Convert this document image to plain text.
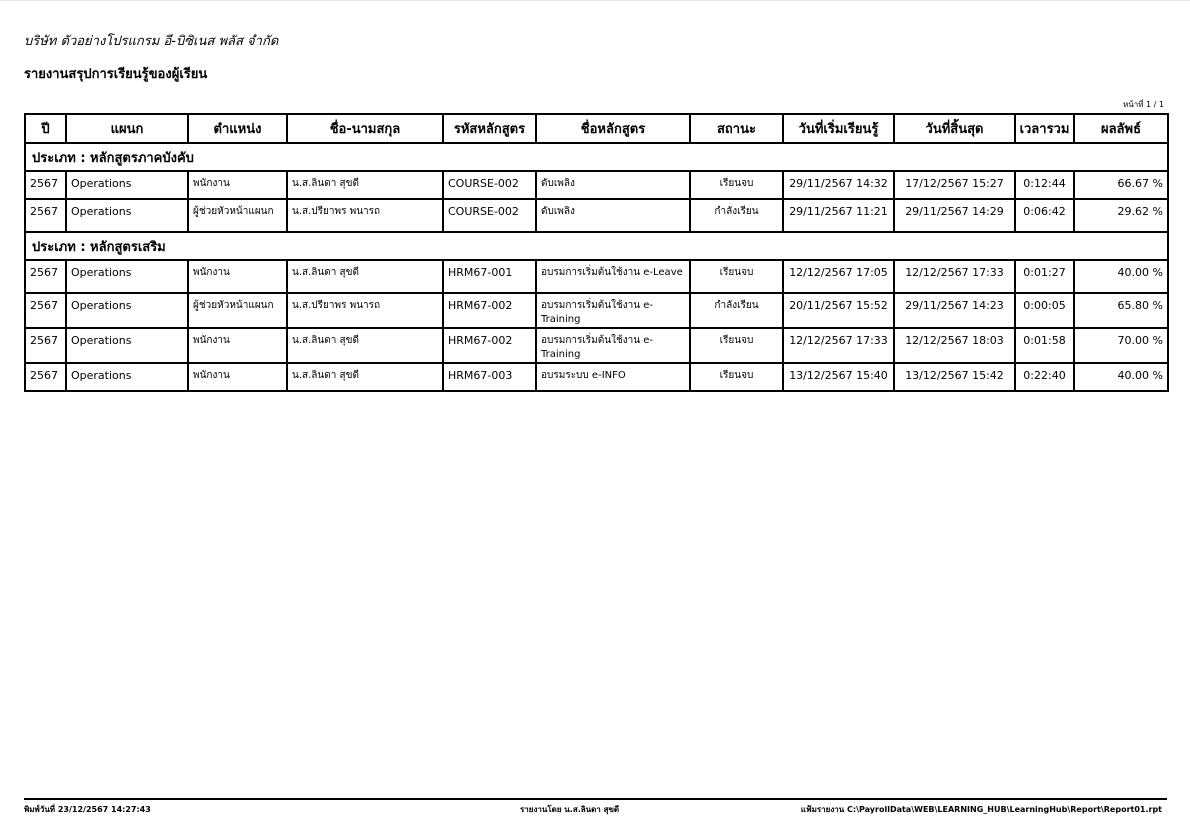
บริษัท ตัวอย่างโปรแกรม อี-บิซิเนส พลัส จำกัด
รายงานสรุปการเรียนรู้ของผู้เรียน
หน้าที่ 1 / 1
ปี	แผนก	ตำแหน่ง	ชื่อ-นามสกุล	รหัสหลักสูตร	ชื่อหลักสูตร	สถานะ	วันที่เริ่มเรียนรู้	วันที่สิ้นสุด	เวลารวม	ผลลัพธ์
ประเภท : หลักสูตรภาคบังคับ										
2567	Operations	พนักงาน	น.ส.ลินดา สุขดี	COURSE-002	ดับเพลิง	เรียนจบ	29/11/2567 14:32	17/12/2567 15:27	0:12:44	66.67 %
2567	Operations	ผู้ช่วยหัวหน้าแผนก	น.ส.ปรียาพร พนารถ	COURSE-002	ดับเพลิง	กำลังเรียน	29/11/2567 11:21	29/11/2567 14:29	0:06:42	29.62 %
ประเภท : หลักสูตรเสริม										
2567	Operations	พนักงาน	น.ส.ลินดา สุขดี	HRM67-001	อบรมการเริ่มต้นใช้งาน e-Leave	เรียนจบ	12/12/2567 17:05	12/12/2567 17:33	0:01:27	40.00 %
2567	Operations	ผู้ช่วยหัวหน้าแผนก	น.ส.ปรียาพร พนารถ	HRM67-002	อบรมการเริ่มต้นใช้งาน e-Training	กำลังเรียน	20/11/2567 15:52	29/11/2567 14:23	0:00:05	65.80 %
2567	Operations	พนักงาน	น.ส.ลินดา สุขดี	HRM67-002	อบรมการเริ่มต้นใช้งาน e-Training	เรียนจบ	12/12/2567 17:33	12/12/2567 18:03	0:01:58	70.00 %
2567	Operations	พนักงาน	น.ส.ลินดา สุขดี	HRM67-003	อบรมระบบ e-INFO	เรียนจบ	13/12/2567 15:40	13/12/2567 15:42	0:22:40	40.00 %
พิมพ์วันที่ 23/12/2567 14:27:43	รายงานโดย น.ส.ลินดา สุขดี	แฟ้มรายงาน C:\PayrollData\WEB\LEARNING_HUB\LearningHub\Report\Report01.rpt
